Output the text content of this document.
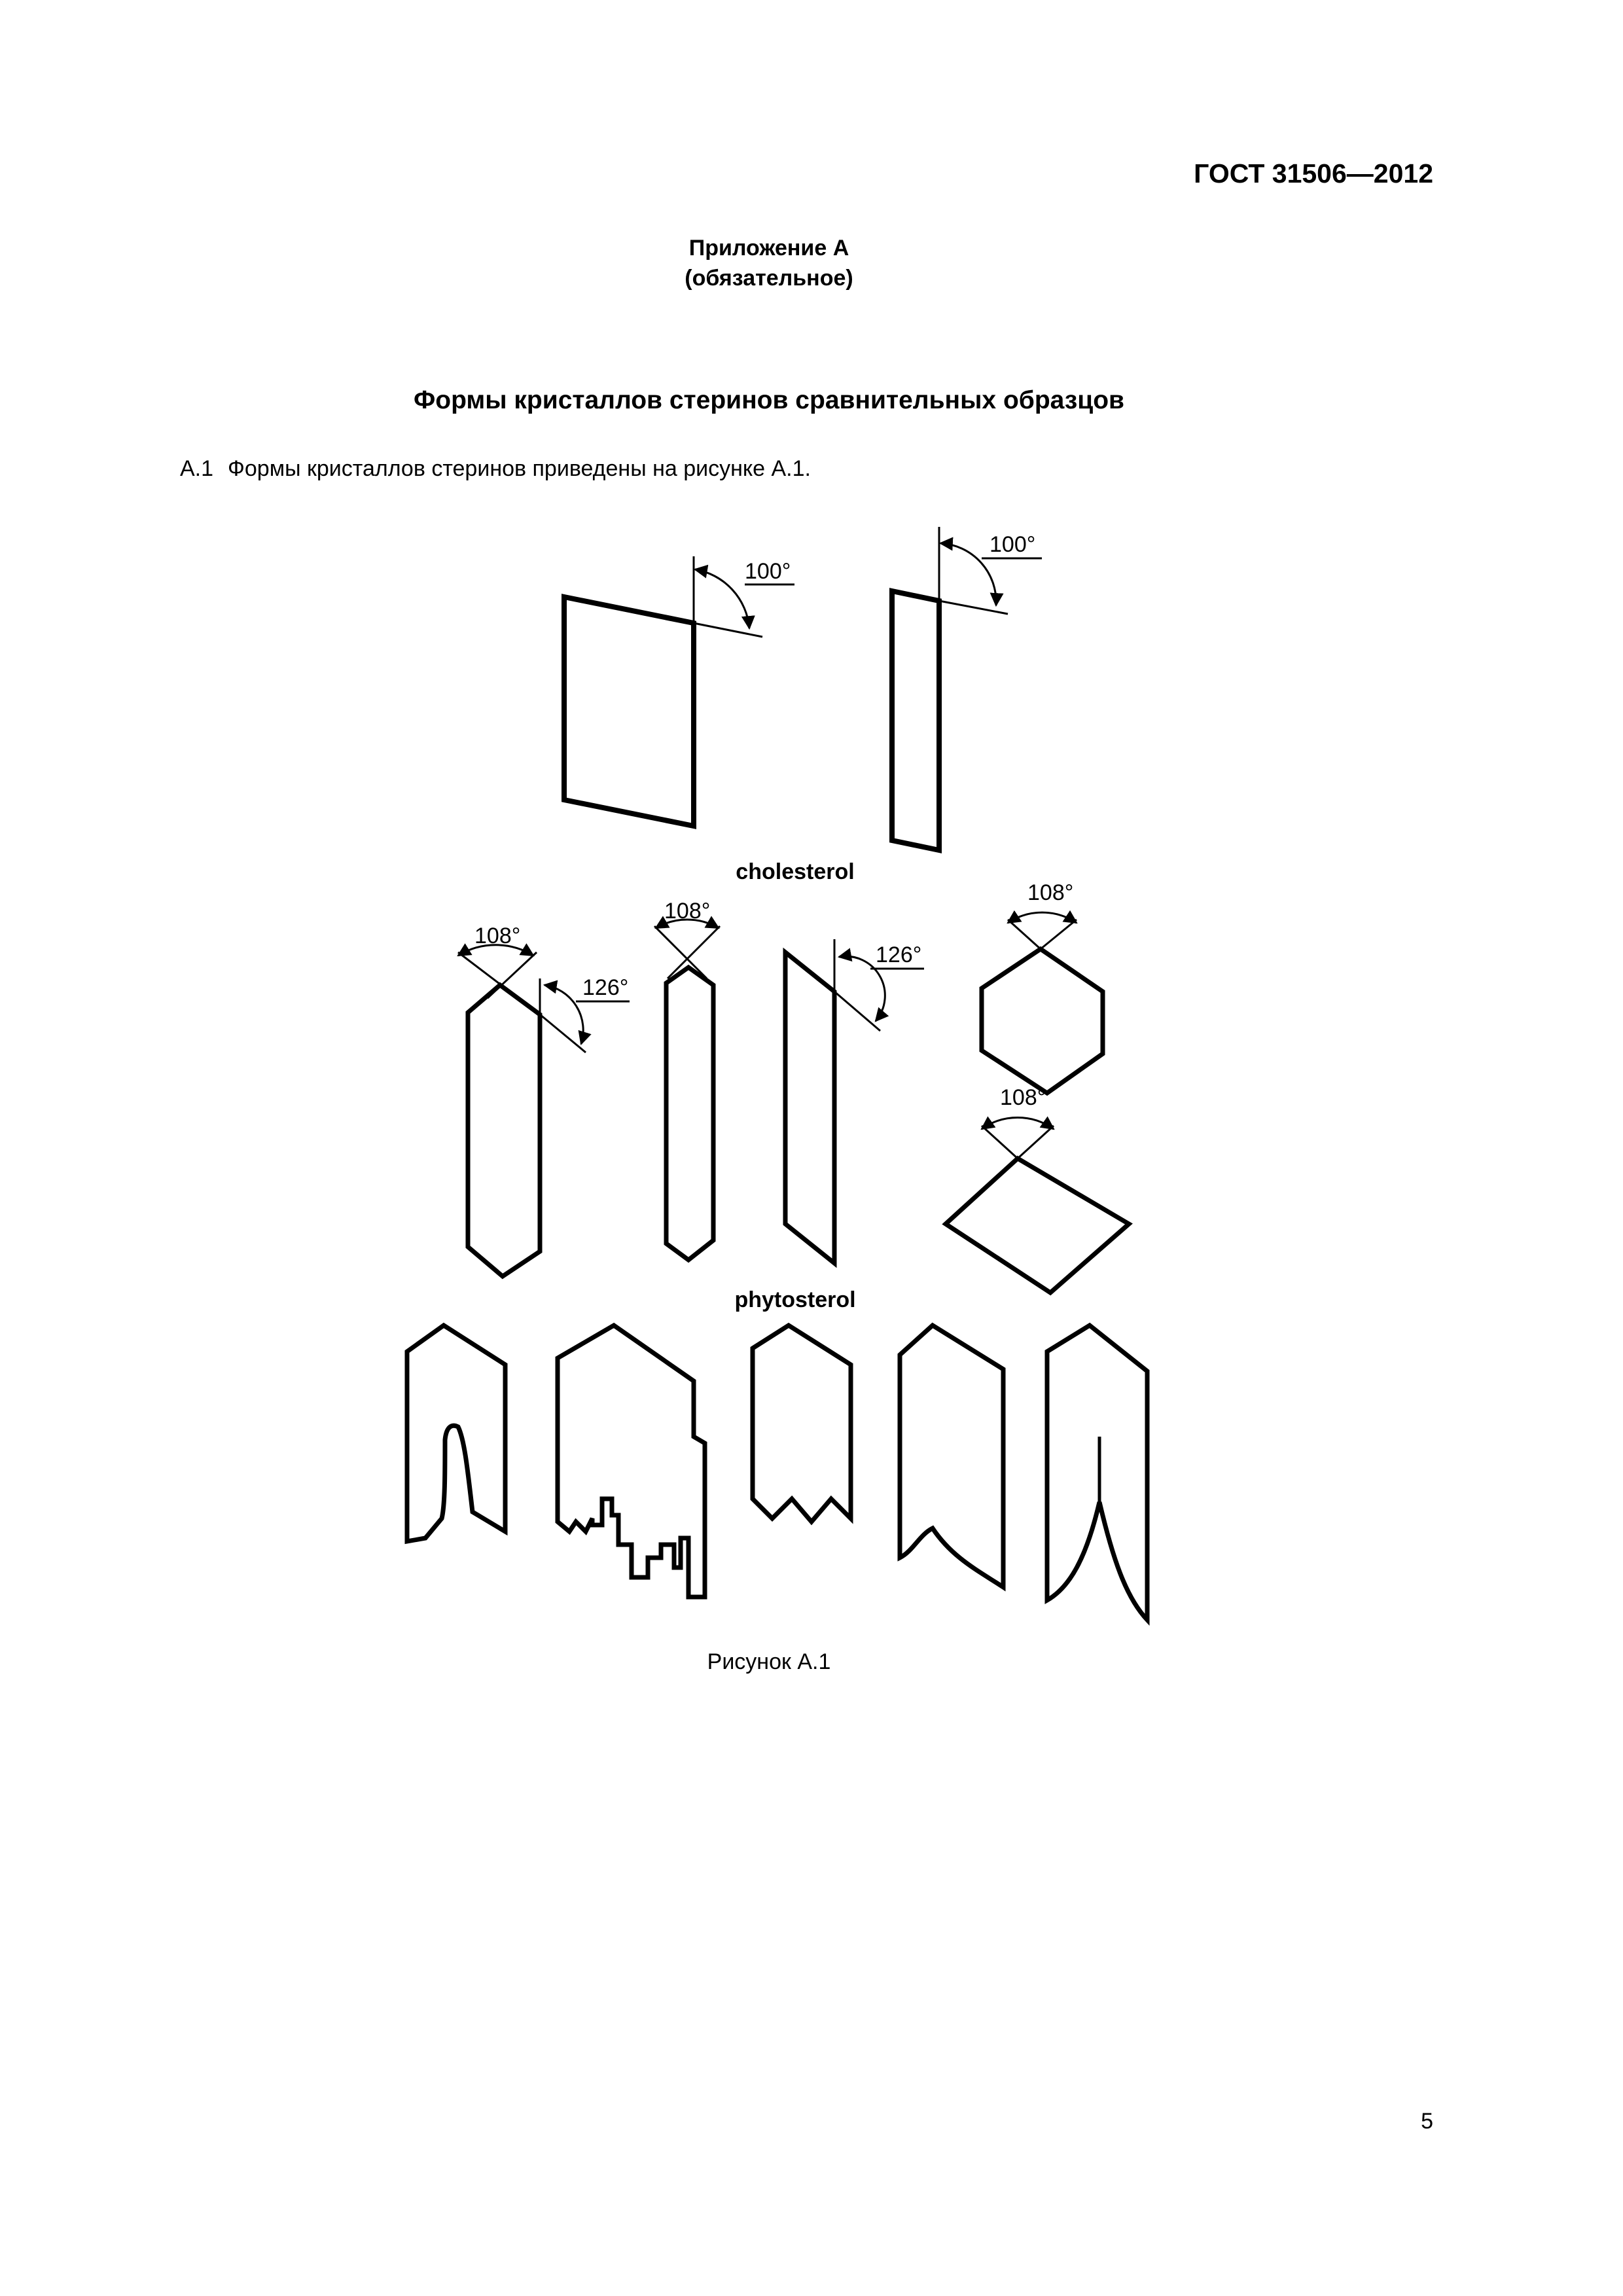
ГОСТ 31506—2012
Приложение А
(обязательное)
Формы кристаллов стеринов сравнительных образцов
А.1 Формы кристаллов стеринов приведены на рисунке А.1.
100°
100°
108°
108°
108°
108°
126°
126°
cholesterol
phytosterol
Рисунок А.1
5
